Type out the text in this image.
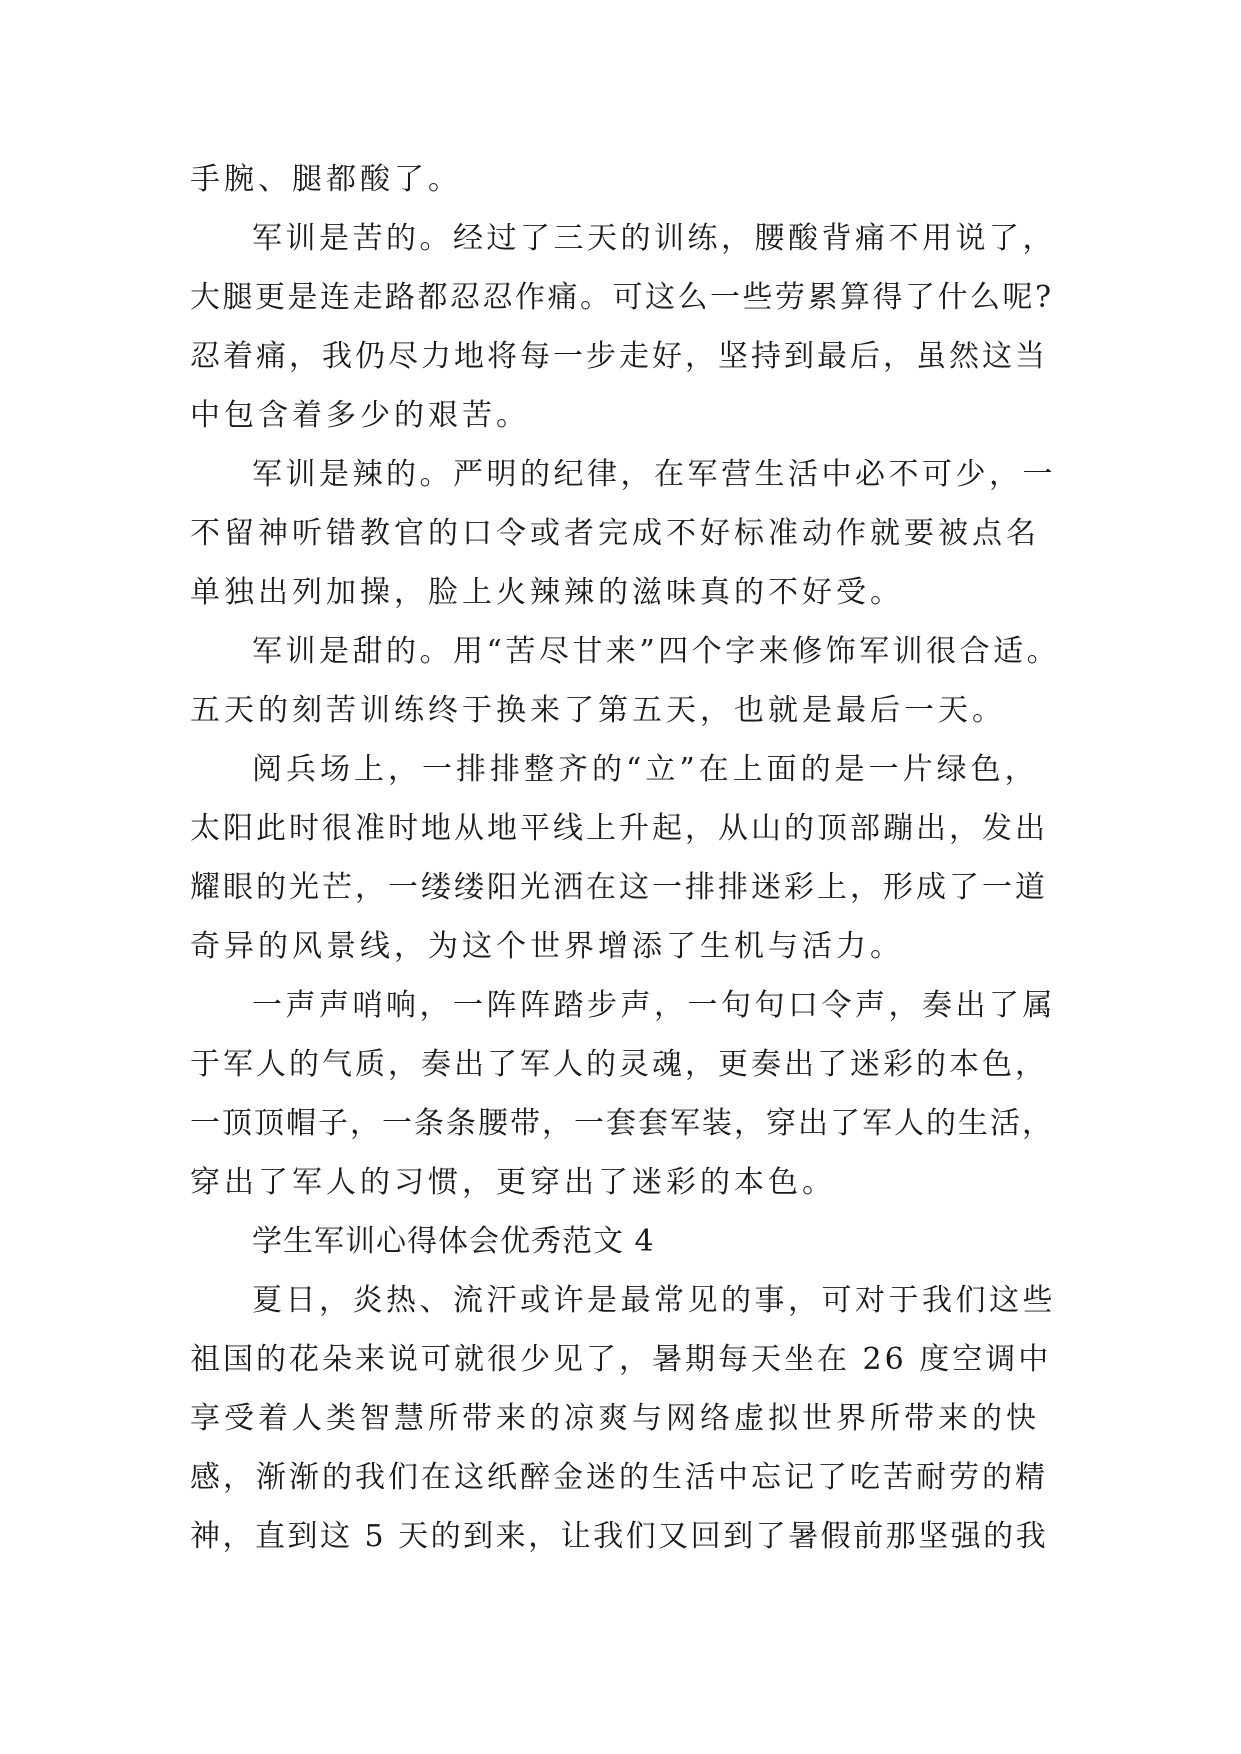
手腕、腿都酸了。
军训是苦的。经过了三天的训练，腰酸背痛不用说了，
大腿更是连走路都忍忍作痛。可这么一些劳累算得了什么呢?
忍着痛，我仍尽力地将每一步走好，坚持到最后，虽然这当
中包含着多少的艰苦。
军训是辣的。严明的纪律，在军营生活中必不可少，一
不留神听错教官的口令或者完成不好标准动作就要被点名
单独出列加操，脸上火辣辣的滋味真的不好受。
军训是甜的。用“苦尽甘来”四个字来修饰军训很合适。
五天的刻苦训练终于换来了第五天，也就是最后一天。
阅兵场上，一排排整齐的“立”在上面的是一片绿色，
太阳此时很准时地从地平线上升起，从山的顶部蹦出，发出
耀眼的光芒，一缕缕阳光洒在这一排排迷彩上，形成了一道
奇异的风景线，为这个世界增添了生机与活力。
一声声哨响，一阵阵踏步声，一句句口令声，奏出了属
于军人的气质，奏出了军人的灵魂，更奏出了迷彩的本色，
一顶顶帽子，一条条腰带，一套套军装，穿出了军人的生活，
穿出了军人的习惯，更穿出了迷彩的本色。
学生军训心得体会优秀范文 4
夏日，炎热、流汗或许是最常见的事，可对于我们这些
祖国的花朵来说可就很少见了，暑期每天坐在 26 度空调中
享受着人类智慧所带来的凉爽与网络虚拟世界所带来的快
感，渐渐的我们在这纸醉金迷的生活中忘记了吃苦耐劳的精
神，直到这 5 天的到来，让我们又回到了暑假前那坚强的我
